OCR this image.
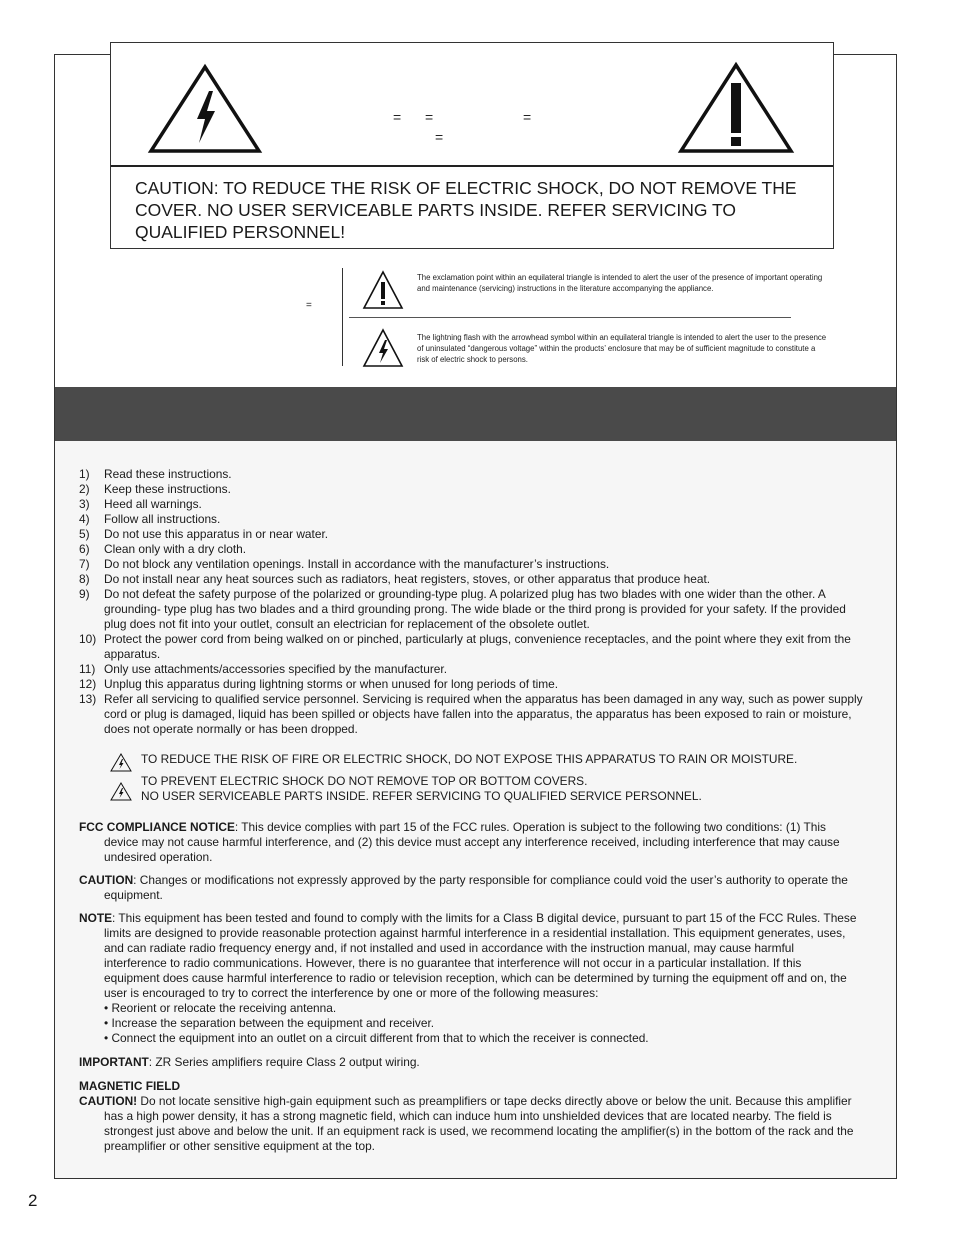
= =	=
=
CAUTION: TO REDUCE THE RISK OF ELECTRIC SHOCK, DO NOT REMOVE THE COVER. NO USER SERVICEABLE PARTS INSIDE. REFER SERVICING TO QUALIFIED PERSONNEL!
=
The exclamation point within an equilateral triangle is intended to alert the user of the presence of important operating and maintenance (servicing) instructions in the literature accompanying the appliance.
The lightning flash with the arrowhead symbol within an equilateral triangle is intended to alert the user to the presence of uninsulated “dangerous voltage” within the products’ enclosure that may be of sufficient magnitude to constitute a risk of electric shock to persons.
1)	Read these instructions.
2)	Keep these instructions.
3)	Heed all warnings.
4)	Follow all instructions.
5)	Do not use this apparatus in or near water.
6)	Clean only with a dry cloth.
7)	Do not block any ventilation openings. Install in accordance with the manufacturer’s instructions.
8)	Do not install near any heat sources such as radiators, heat registers, stoves, or other apparatus that produce heat.
9)	Do not defeat the safety purpose of the polarized or grounding-type plug. A polarized plug has two blades with one wider than the other. A grounding- type plug has two blades and a third grounding prong. The wide blade or the third prong is provided for your safety. If the provided plug does not fit into your outlet, consult an electrician for replacement of the obsolete outlet.
10) Protect the power cord from being walked on or pinched, particularly at plugs, convenience receptacles, and the point where they exit from the apparatus.
11) Only use attachments/accessories specified by the manufacturer.
12) Unplug this apparatus during lightning storms or when unused for long periods of time.
13) Refer all servicing to qualified service personnel. Servicing is required when the apparatus has been damaged in any way, such as power supply cord or plug is damaged, liquid has been spilled or objects have fallen into the apparatus, the apparatus has been exposed to rain or moisture, does not operate normally or has been dropped.
TO REDUCE THE RISK OF FIRE OR ELECTRIC SHOCK, DO NOT EXPOSE THIS APPARATUS TO RAIN OR MOISTURE.
TO PREVENT ELECTRIC SHOCK DO NOT REMOVE TOP OR BOTTOM COVERS.
NO USER SERVICEABLE PARTS INSIDE. REFER SERVICING TO QUALIFIED SERVICE PERSONNEL.
FCC COMPLIANCE NOTICE: This device complies with part 15 of the FCC rules. Operation is subject to the following two conditions: (1) This device may not cause harmful interference, and (2) this device must accept any interference received, including interference that may cause undesired operation.
CAUTION: Changes or modifications not expressly approved by the party responsible for compliance could void the user’s authority to operate the equipment.
NOTE: This equipment has been tested and found to comply with the limits for a Class B digital device, pursuant to part 15 of the FCC Rules. These limits are designed to provide reasonable protection against harmful interference in a residential installation. This equipment generates, uses, and can radiate radio frequency energy and, if not installed and used in accordance with the instruction manual, may cause harmful interference to radio communications. However, there is no guarantee that interference will not occur in a particular installation. If this equipment does cause harmful interference to radio or television reception, which can be determined by turning the equipment off and on, the user is encouraged to try to correct the interference by one or more of the following measures:
• Reorient or relocate the receiving antenna.
• Increase the separation between the equipment and receiver.
• Connect the equipment into an outlet on a circuit different from that to which the receiver is connected.
IMPORTANT: ZR Series amplifiers require Class 2 output wiring.
MAGNETIC FIELD
CAUTION! Do not locate sensitive high-gain equipment such as preamplifiers or tape decks directly above or below the unit. Because this amplifier has a high power density, it has a strong magnetic field, which can induce hum into unshielded devices that are located nearby. The field is strongest just above and below the unit. If an equipment rack is used, we recommend locating the amplifier(s) in the bottom of the rack and the preamplifier or other sensitive equipment at the top.
2
